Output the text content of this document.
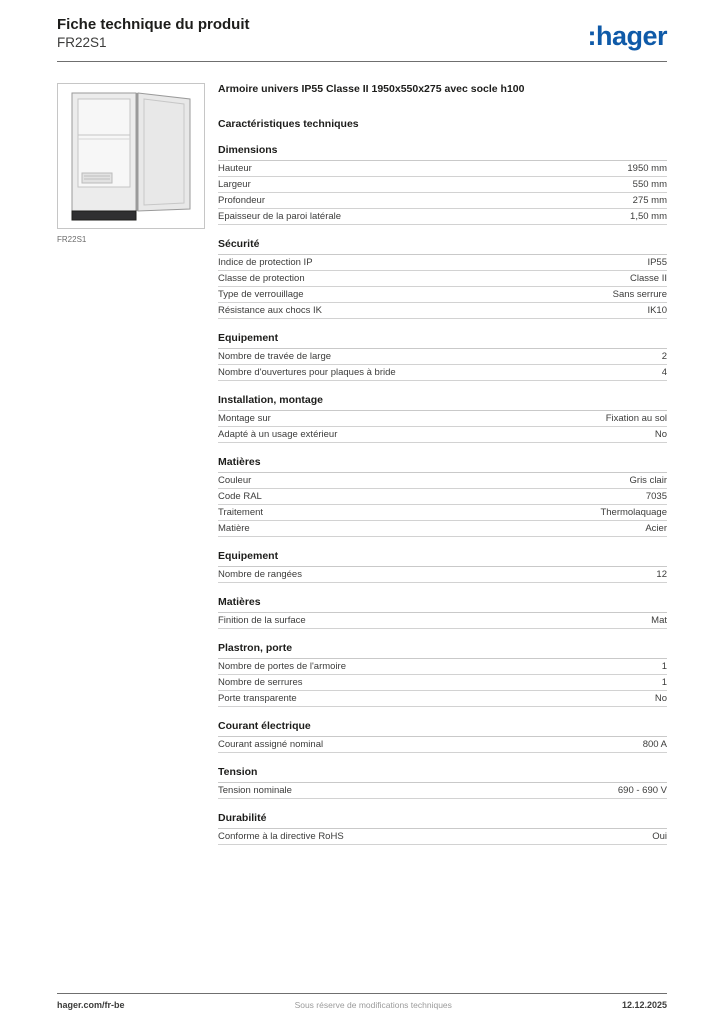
Fiche technique du produit
FR22S1	:hager
FR22S1
Armoire univers IP55 Classe II 1950x550x275 avec socle h100
Caractéristiques techniques
Dimensions
Hauteur	1950 mm
Largeur	550 mm
Profondeur	275 mm
Epaisseur de la paroi latérale	1,50 mm
Sécurité
Indice de protection IP	IP55
Classe de protection	Classe II
Type de verrouillage	Sans serrure
Résistance aux chocs IK	IK10
Equipement
Nombre de travée de large	2
Nombre d'ouvertures pour plaques à bride	4
Installation, montage
Montage sur	Fixation au sol
Adapté à un usage extérieur	No
Matières
Couleur	Gris clair
Code RAL	7035
Traitement	Thermolaquage
Matière	Acier
Equipement
Nombre de rangées	12
Matières
Finition de la surface	Mat
Plastron, porte
Nombre de portes de l'armoire	1
Nombre de serrures	1
Porte transparente	No
Courant électrique
Courant assigné nominal	800 A
Tension
Tension nominale	690 - 690 V
Durabilité
Conforme à la directive RoHS	Oui
hager.com/fr-be	Sous réserve de modifications techniques	12.12.2025
